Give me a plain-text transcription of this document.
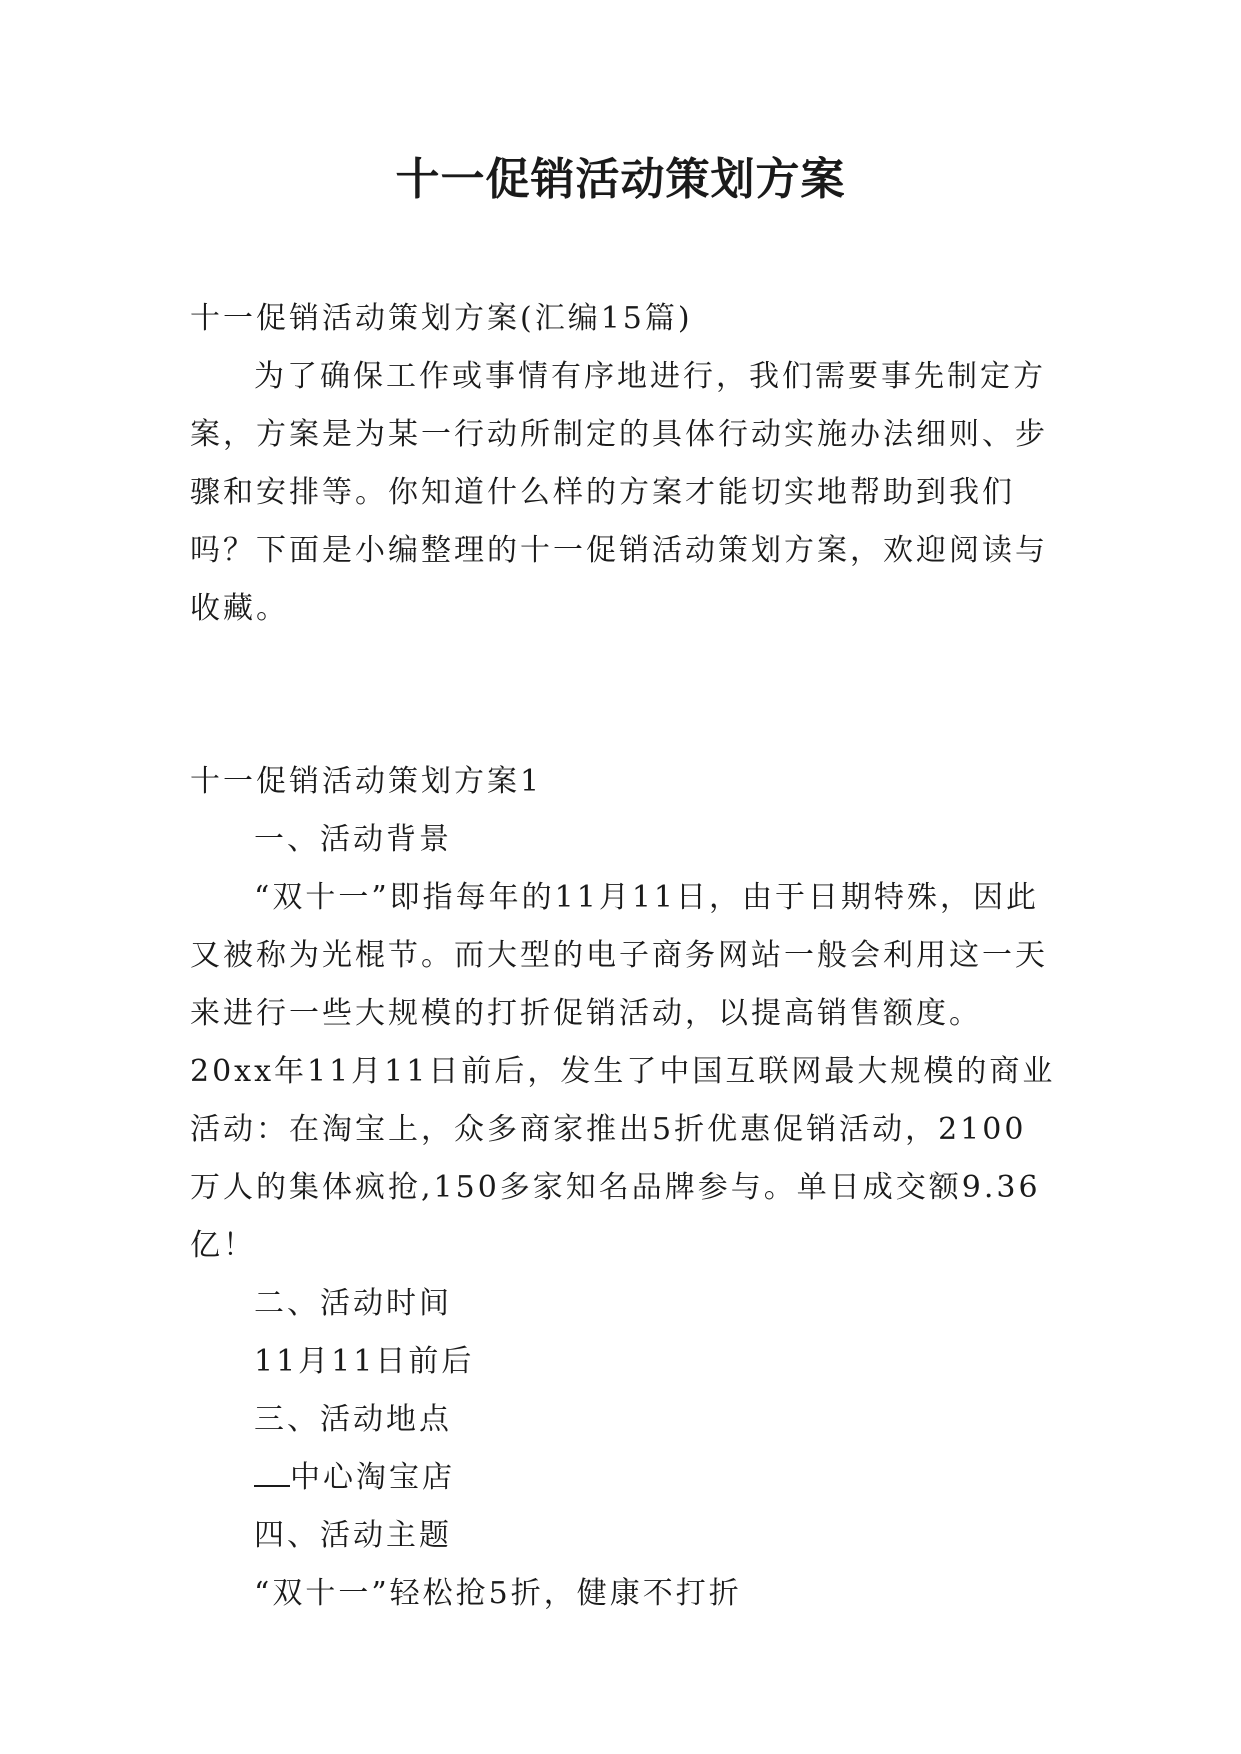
十一促销活动策划方案

十一促销活动策划方案(汇编15篇)

为了确保工作或事情有序地进行，我们需要事先制定方案，方案是为某一行动所制定的具体行动实施办法细则、步骤和安排等。你知道什么样的方案才能切实地帮助到我们吗？下面是小编整理的十一促销活动策划方案，欢迎阅读与收藏。

十一促销活动策划方案1

一、活动背景

“双十一”即指每年的11月11日，由于日期特殊，因此又被称为光棍节。而大型的电子商务网站一般会利用这一天来进行一些大规模的打折促销活动，以提高销售额度。20xx年11月11日前后，发生了中国互联网最大规模的商业活动：在淘宝上，众多商家推出5折优惠促销活动，2100万人的集体疯抢,150多家知名品牌参与。单日成交额9.36亿！

二、活动时间

11月11日前后

三、活动地点

中心淘宝店

四、活动主题

“双十一”轻松抢5折，健康不打折
